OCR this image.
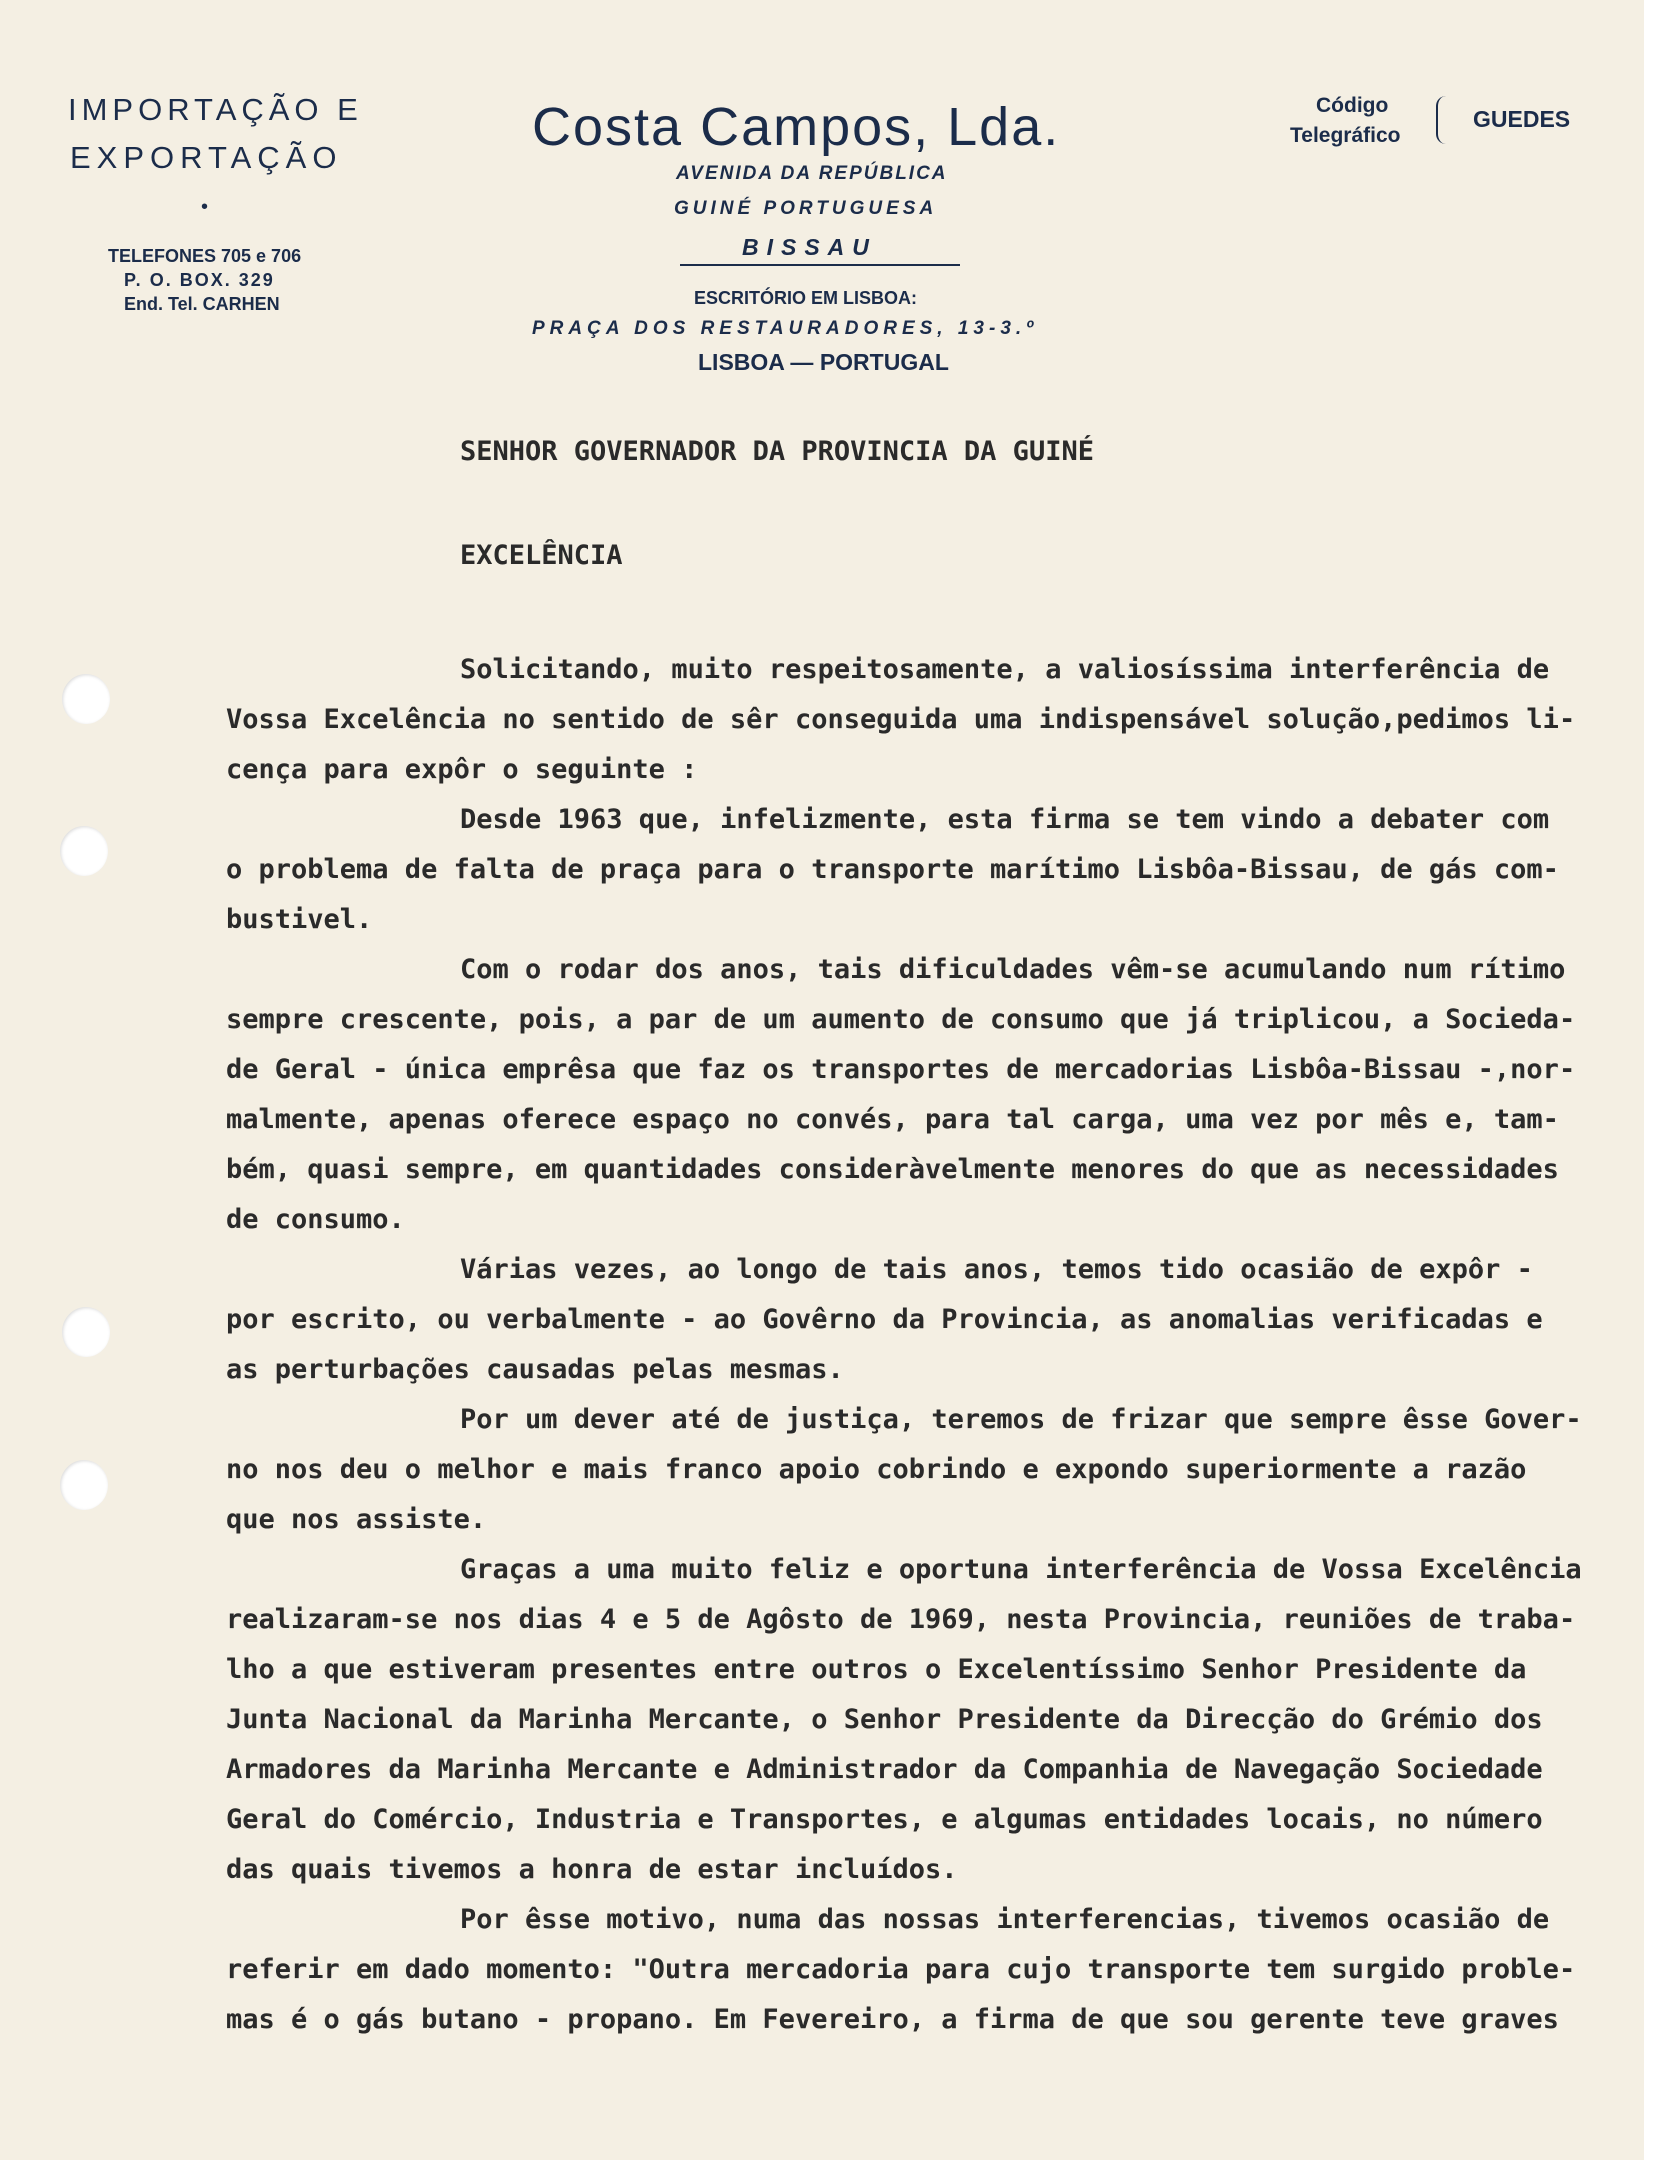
IMPORTAÇÃO E
EXPORTAÇÃO
•
TELEFONES 705 e 706
P. O. BOX. 329
End. Tel. CARHEN
Costa Campos, Lda.
AVENIDA DA REPÚBLICA
GUINÉ PORTUGUESA
BISSAU
ESCRITÓRIO EM LISBOA:
PRAÇA DOS RESTAURADORES, 13-3.º
LISBOA — PORTUGAL
Código
Telegráfico
GUEDES
SENHOR GOVERNADOR DA PROVINCIA DA GUINÉ
EXCELÊNCIA
Solicitando, muito respeitosamente, a valiosíssima interferência de
Vossa Excelência no sentido de sêr conseguida uma indispensável solução,pedimos li-
cença para expôr o seguinte :
Desde 1963 que, infelizmente, esta firma se tem vindo a debater com
o problema de falta de praça para o transporte marítimo Lisbôa-Bissau, de gás com-
bustivel.
Com o rodar dos anos, tais dificuldades vêm-se acumulando num rítimo
sempre crescente, pois, a par de um aumento de consumo que já triplicou, a Socieda-
de Geral - única emprêsa que faz os transportes de mercadorias Lisbôa-Bissau -,nor-
malmente, apenas oferece espaço no convés, para tal carga, uma vez por mês e, tam-
bém, quasi sempre, em quantidades consideràvelmente menores do que as necessidades
de consumo.
Várias vezes, ao longo de tais anos, temos tido ocasião de expôr -
por escrito, ou verbalmente - ao Govêrno da Provincia, as anomalias verificadas e
as perturbações causadas pelas mesmas.
Por um dever até de justiça, teremos de frizar que sempre êsse Gover-
no nos deu o melhor e mais franco apoio cobrindo e expondo superiormente a razão
que nos assiste.
Graças a uma muito feliz e oportuna interferência de Vossa Excelência
realizaram-se nos dias 4 e 5 de Agôsto de 1969, nesta Provincia, reuniões de traba-
lho a que estiveram presentes entre outros o Excelentíssimo Senhor Presidente da
Junta Nacional da Marinha Mercante, o Senhor Presidente da Direcção do Grémio dos
Armadores da Marinha Mercante e Administrador da Companhia de Navegação Sociedade
Geral do Comércio, Industria e Transportes, e algumas entidades locais, no número
das quais tivemos a honra de estar incluídos.
Por êsse motivo, numa das nossas interferencias, tivemos ocasião de
referir em dado momento: "Outra mercadoria para cujo transporte tem surgido proble-
mas é o gás butano - propano. Em Fevereiro, a firma de que sou gerente teve graves
